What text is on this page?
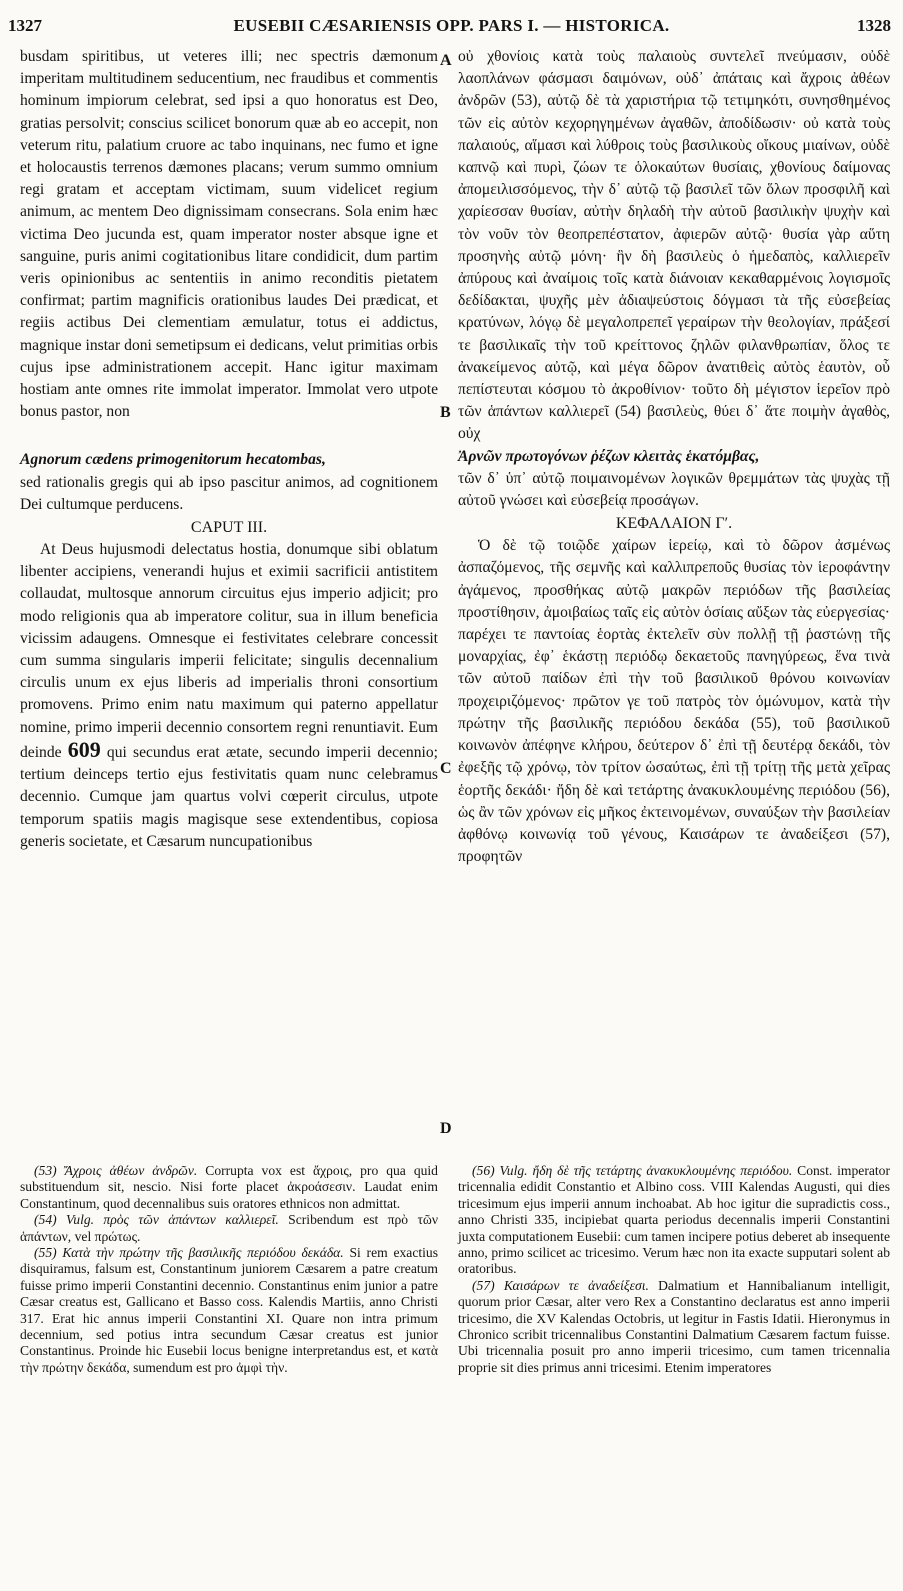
1327	EUSEBII CÆSARIENSIS OPP. PARS I. — HISTORICA.	1328
A
B
C
D

busdam spiritibus, ut veteres illi; nec spectris dæmonum imperitam multitudinem seducentium, nec fraudibus et commentis hominum impiorum celebrat, sed ipsi a quo honoratus est Deo, gratias persolvit; conscius scilicet bonorum quæ ab eo accepit, non veterum ritu, palatium cruore ac tabo inquinans, nec fumo et igne et holocaustis terrenos dæmones placans; verum summo omnium regi gratam et acceptam victimam, suum videlicet regium animum, ac mentem Deo dignissimam consecrans. Sola enim hæc victima Deo jucunda est, quam imperator noster absque igne et sanguine, puris animi cogitationibus litare condidicit, dum partim veris opinionibus ac sententiis in animo reconditis pietatem confirmat; partim magnificis orationibus laudes Dei prædicat, et regiis actibus Dei clementiam æmulatur, totus ei addictus, magnique instar doni semetipsum ei dedicans, velut primitias orbis cujus ipse administrationem accepit. Hanc igitur maximam hostiam ante omnes rite immolat imperator. Immolat vero utpote bonus pastor, non

Agnorum cædens primogenitorum hecatombas,

sed rationalis gregis qui ab ipso pascitur animos, ad cognitionem Dei cultumque perducens.

CAPUT III.

At Deus hujusmodi delectatus hostia, donumque sibi oblatum libenter accipiens, venerandi hujus et eximii sacrificii antistitem collaudat, multosque annorum circuitus ejus imperio adjicit; pro modo religionis qua ab imperatore colitur, sua in illum beneficia vicissim adaugens. Omnesque ei festivitates celebrare concessit cum summa singularis imperii felicitate; singulis decennalium circulis unum ex ejus liberis ad imperialis throni consortium promovens. Primo enim natu maximum qui paterno appellatur nomine, primo imperii decennio consortem regni renuntiavit. Eum deinde 609 qui secundus erat ætate, secundo imperii decennio; tertium deinceps tertio ejus festivitatis quam nunc celebramus decennio. Cumque jam quartus volvi cœperit circulus, utpote temporum spatiis magis magisque sese extendentibus, copiosa generis societate, et Cæsarum nuncupationibus

οὐ χθονίοις κατὰ τοὺς παλαιοὺς συντελεῖ πνεύμασιν, οὐδὲ λαοπλάνων φάσμασι δαιμόνων, οὐδ᾽ ἀπάταις καὶ ἄχροις ἀθέων ἀνδρῶν (53), αὐτῷ δὲ τὰ χαριστήρια τῷ τετιμηκότι, συνησθημένος τῶν εἰς αὐτὸν κεχορηγημένων ἀγαθῶν, ἀποδίδωσιν· οὐ κατὰ τοὺς παλαιούς, αἵμασι καὶ λύθροις τοὺς βασιλικοὺς οἴκους μιαίνων, οὐδὲ καπνῷ καὶ πυρὶ, ζώων τε ὁλοκαύτων θυσίαις, χθονίους δαίμονας ἀπομειλισσόμενος, τὴν δ᾽ αὐτῷ τῷ βασιλεῖ τῶν ὅλων προσφιλῆ καὶ χαρίεσσαν θυσίαν, αὐτὴν δηλαδὴ τὴν αὐτοῦ βασιλικὴν ψυχὴν καὶ τὸν νοῦν τὸν θεοπρεπέστατον, ἀφιερῶν αὐτῷ· θυσία γὰρ αὕτη προσηνὴς αὐτῷ μόνη· ἣν δὴ βασιλεὺς ὁ ἡμεδαπὸς, καλλιερεῖν ἀπύρους καὶ ἀναίμοις τοῖς κατὰ διάνοιαν κεκαθαρμένοις λογισμοῖς δεδίδακται, ψυχῆς μὲν ἀδιαψεύστοις δόγμασι τὰ τῆς εὐσεβείας κρατύνων, λόγῳ δὲ μεγαλοπρεπεῖ γεραίρων τὴν θεολογίαν, πράξεσί τε βασιλικαῖς τὴν τοῦ κρείττονος ζηλῶν φιλανθρωπίαν, ὅλος τε ἀνακείμενος αὐτῷ, καὶ μέγα δῶρον ἀνατιθεὶς αὐτὸς ἑαυτὸν, οὗ πεπίστευται κόσμου τὸ ἀκροθίνιον· τοῦτο δὴ μέγιστον ἱερεῖον πρὸ τῶν ἁπάντων καλλιερεῖ (54) βασιλεὺς, θύει δ᾽ ἅτε ποιμὴν ἀγαθὸς, οὐχ

Ἀρνῶν πρωτογόνων ῥέζων κλειτὰς ἑκατόμβας,

τῶν δ᾽ ὑπ᾽ αὐτῷ ποιμαινομένων λογικῶν θρεμμάτων τὰς ψυχὰς τῇ αὐτοῦ γνώσει καὶ εὐσεβείᾳ προσάγων.

ΚΕΦΑΛΑΙΟΝ Γ′.

Ὁ δὲ τῷ τοιῷδε χαίρων ἱερείῳ, καὶ τὸ δῶρον ἀσμένως ἀσπαζόμενος, τῆς σεμνῆς καὶ καλλιπρεποῦς θυσίας τὸν ἱεροφάντην ἀγάμενος, προσθήκας αὐτῷ μακρῶν περιόδων τῆς βασιλείας προστίθησιν, ἀμοιβαίως ταῖς εἰς αὐτὸν ὁσίαις αὔξων τὰς εὐεργεσίας· παρέχει τε παντοίας ἑορτὰς ἐκτελεῖν σὺν πολλῇ τῇ ῥαστώνῃ τῆς μοναρχίας, ἐφ᾽ ἑκάστῃ περιόδῳ δεκαετοῦς πανηγύρεως, ἕνα τινὰ τῶν αὐτοῦ παίδων ἐπὶ τὴν τοῦ βασιλικοῦ θρόνου κοινωνίαν προχειριζόμενος· πρῶτον γε τοῦ πατρὸς τὸν ὁμώνυμον, κατὰ τὴν πρώτην τῆς βασιλικῆς περιόδου δεκάδα (55), τοῦ βασιλικοῦ κοινωνὸν ἀπέφηνε κλήρου, δεύτερον δ᾽ ἐπὶ τῇ δευτέρᾳ δεκάδι, τὸν ἐφεξῆς τῷ χρόνῳ, τὸν τρίτον ὡσαύτως, ἐπὶ τῇ τρίτῃ τῆς μετὰ χεῖρας ἑορτῆς δεκάδι· ἤδη δὲ καὶ τετάρτης ἀνακυκλουμένης περιόδου (56), ὡς ἂν τῶν χρόνων εἰς μῆκος ἐκτεινομένων, συναύξων τὴν βασιλείαν ἀφθόνῳ κοινωνίᾳ τοῦ γένους, Καισάρων τε ἀναδείξεσι (57), προφητῶν

(53) Ἄχροις ἀθέων ἀνδρῶν. Corrupta vox est ἄχροις, pro qua quid substituendum sit, nescio. Nisi forte placet ἀκροάσεσιν. Laudat enim Constantinum, quod decennalibus suis oratores ethnicos non admittat.

(54) Vulg. πρὸς τῶν ἁπάντων καλλιερεῖ. Scribendum est πρὸ τῶν ἁπάντων, vel πρώτως.

(55) Κατὰ τὴν πρώτην τῆς βασιλικῆς περιόδου δεκάδα. Si rem exactius disquiramus, falsum est, Constantinum juniorem Cæsarem a patre creatum fuisse primo imperii Constantini decennio. Constantinus enim junior a patre Cæsar creatus est, Gallicano et Basso coss. Kalendis Martiis, anno Christi 317. Erat hic annus imperii Constantini XI. Quare non intra primum decennium, sed potius intra secundum Cæsar creatus est junior Constantinus. Proinde hic Eusebii locus benigne interpretandus est, et κατὰ τὴν πρώτην δεκάδα, sumendum est pro ἀμφὶ τὴν.

(56) Vulg. ἤδη δὲ τῆς τετάρτης ἀνακυκλουμένης περιόδου. Const. imperator tricennalia edidit Constantio et Albino coss. VIII Kalendas Augusti, qui dies tricesimum ejus imperii annum inchoabat. Ab hoc igitur die supradictis coss., anno Christi 335, incipiebat quarta periodus decennalis imperii Constantini juxta computationem Eusebii: cum tamen incipere potius deberet ab insequente anno, primo scilicet ac tricesimo. Verum hæc non ita exacte supputari solent ab oratoribus.

(57) Καισάρων τε ἀναδείξεσι. Dalmatium et Hannibalianum intelligit, quorum prior Cæsar, alter vero Rex a Constantino declaratus est anno imperii tricesimo, die XV Kalendas Octobris, ut legitur in Fastis Idatii. Hieronymus in Chronico scribit tricennalibus Constantini Dalmatium Cæsarem factum fuisse. Ubi tricennalia posuit pro anno imperii tricesimo, cum tamen tricennalia proprie sit dies primus anni tricesimi. Etenim imperatores
